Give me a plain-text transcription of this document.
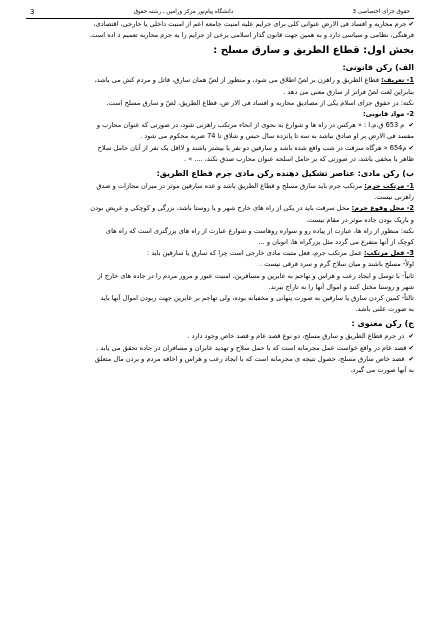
حقوق جزای اختصاصی 3
دانشگاه پیام‌نور مرکز ورامین ـ رشته حقوق
3

✔جرم محاربه و افساد فی الارض عنوانی کلی برای جرایم علیه امنیت جامعه اعم از امنیت داخلی یا خارجی، اقتصادی،

فرهنگی، نظامی و سیاسی دارد و به همین جهت قانون گذار اسلامی برخی از جرایم را به جرم محاربه تعمیم د اده است.

بخش اول: قطاع الطریق و سارق مسلح :

الف) رکن قانونی:

1- تعریف: قطاع الطریق و راهزن بر لصّ اطلاق می شود، و منظور از لصّ همان سارق، قاتل و مردم کش می باشد،

بنابراین لغت لصّ فراتر از سارق معنی می دهد .

نکته: در حقوق جزای اسلام یکی از مصادیق محاربه و افساد فی الار ض، قطاع الطریق، لصّ و سارق مسلح است.

2- مواد قانونی:

✔ م 653 ق.م.ا : « هرکس در راه ها و شوارع به نحوی از انحاء مرتکب راهزنی شود، در صورتی که عنوان محارب و

مفسد فی الارض بر او صادق نباشد به سه تا پانزده سال حبس و شلاق تا 74 ضربه محکوم می شود .

✔م654 « هرگاه سرقت در شب واقع شده باشد و سارقین دو نفر یا بیشتر باشند و لااقل یک نفر از آنان حامل سلاح

ظاهر یا مخفی باشد، در صورتی که بر حامل اسلحه عنوان محارب صدق نکند، .... » .

ب) رکن مادی: عناصر تشکیل دهنده رکن مادی جرم قطاع الطریق:

1- مرتکب جرم: مرتکب جرم باید سارق مسلح و قطاع الطریق باشد و عده سارقین موثر در میزان مجازات و صدق

راهزنی نیست.

2- محل وقوع جرم: محل سرقت باید در یکی از راه های خارج شهر و یا روستا باشد، بزرگی و کوچکی و عریض بودن

و باریک بودن جاده موثر در مقام نیست.

نکته: منظور از راه ها، عبارت از پیاده رو و سواره روهاست و شوارع عبارت از راه های بزرگتری است که راه های

کوچک از آنها متفرع می گردد مثل بزرگراه ها، اتوبان و ...

3- فعل مرتکب: عمل مرتکب جرم، فعل مثبت مادی خارجی است چرا که سارق یا سارقین باید :

اولاً- مسلح باشند و میان سلاح گرم و سرد فرقی نیست .

ثانیاً- با توسل و ایجاد رعب و هراس و تهاجم به عابرین و مسافرین، امنیت عبور و مرور مردم را در جاده های خارج از

شهر و روستا مختل کنند و اموال آنها را به تاراج ببرند.

ثالثاً- کمین کردن سارق یا سارقین به صورت پنهانی و مخفیانه بوده، ولی تهاجم بر عابرین جهت ربودن اموال آنها باید

به صورت علنی باشد.

ج) رکن معنوی :

✔ در جرم قطاع الطریق و سارق مسلح، دو نوع قصد عام و قصد خاص وجود دارد .

✔قصد عام در واقع خواست عمل مجرمانه است که با حمل سلاح و تهدید عابران و مسافران در جاده تحقق می یابد .

✔ قصد خاص سارق مسلح، حصول نتیجه ی مجرمانه است که با ایجاد رعب و هراس و اخافه مردم و بردن مال متعلق

به آنها صورت می گیرد.
